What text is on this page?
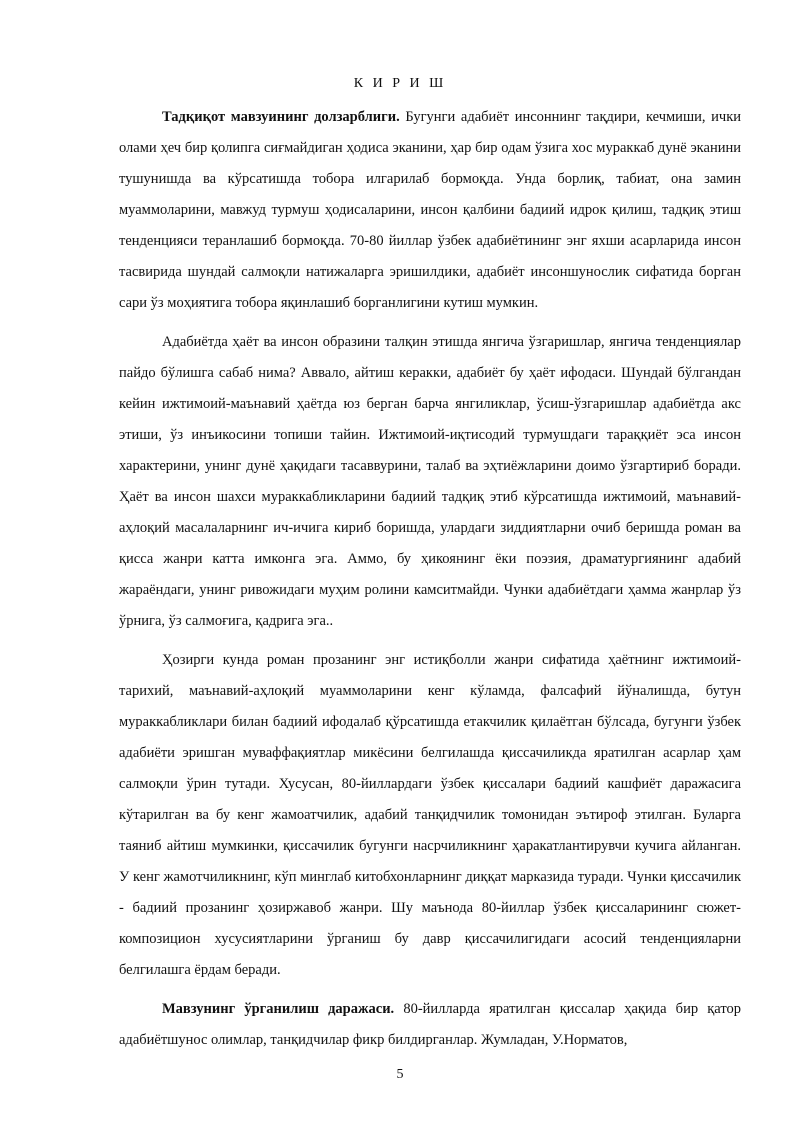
К И Р И Ш

Тадқиқот мавзуининг долзарблиги. Бугунги адабиёт инсоннинг тақдири, кечмиши, ички олами ҳеч бир қолипга сиғмайдиган ҳодиса эканини, ҳар бир одам ўзига хос мураккаб дунё эканини тушунишда ва кўрсатишда тобора илгарилаб бормоқда. Унда борлиқ, табиат, она замин муаммоларини, мавжуд турмуш ҳодисаларини, инсон қалбини бадиий идрок қилиш, тадқиқ этиш тенденцияси теранлашиб бормоқда. 70-80 йиллар ўзбек адабиётининг энг яхши асарларида инсон тасвирида шундай салмоқли натижаларга эришилдики, адабиёт инсоншунослик сифатида борган сари ўз моҳиятига тобора яқинлашиб борганлигини кутиш мумкин.

Адабиётда ҳаёт ва инсон образини талқин этишда янгича ўзгаришлар, янгича тенденциялар пайдо бўлишга сабаб нима? Аввало, айтиш керакки, адабиёт бу ҳаёт ифодаси. Шундай бўлгандан кейин ижтимоий-маънавий ҳаётда юз берган барча янгиликлар, ўсиш-ўзгаришлар адабиётда акс этиши, ўз инъикосини топиши тайин. Ижтимоий-иқтисодий турмушдаги тараққиёт эса инсон характерини, унинг дунё ҳақидаги тасаввурини, талаб ва эҳтиёжларини доимо ўзгартириб боради. Ҳаёт ва инсон шахси мураккабликларини бадиий тадқиқ этиб кўрсатишда ижтимоий, маънавий-аҳлоқий масалаларнинг ич-ичига кириб боришда, улардаги зиддиятларни очиб беришда роман ва қисса жанри катта имконга эга. Аммо, бу ҳикоянинг ёки поэзия, драматургиянинг адабий жараёндаги, унинг ривожидаги муҳим ролини камситмайди. Чунки адабиётдаги ҳамма жанрлар ўз ўрнига, ўз салмоғига, қадрига эга..

Ҳозирги кунда роман прозанинг энг истиқболли жанри сифатида ҳаётнинг ижтимоий-тарихий, маънавий-аҳлоқий муаммоларини кенг кўламда, фалсафий йўналишда, бутун мураккабликлари билан бадиий ифодалаб қўрсатишда етакчилик қилаётган бўлсада, бугунги ўзбек адабиёти эришган муваффақиятлар микёсини белгилашда қиссачиликда яратилган асарлар ҳам салмоқли ўрин тутади. Хусусан, 80-йиллардаги ўзбек қиссалари бадиий кашфиёт даражасига кўтарилган ва бу кенг жамоатчилик, адабий танқидчилик томонидан эътироф этилган. Буларга таяниб айтиш мумкинки, қиссачилик бугунги насрчиликнинг ҳаракатлантирувчи кучига айланган. У кенг жамотчиликнинг, кўп минглаб китобхонларнинг диққат марказида туради. Чунки қиссачилик - бадиий прозанинг ҳозиржавоб жанри. Шу маънода 80-йиллар ўзбек қиссаларининг сюжет-композицион хусусиятларини ўрганиш бу давр қиссачилигидаги асосий тенденцияларни белгилашга ёрдам беради.

Мавзунинг ўрганилиш даражаси. 80-йилларда яратилган қиссалар ҳақида бир қатор адабиётшунос олимлар, танқидчилар фикр билдирганлар. Жумладан, У.Норматов,

5
